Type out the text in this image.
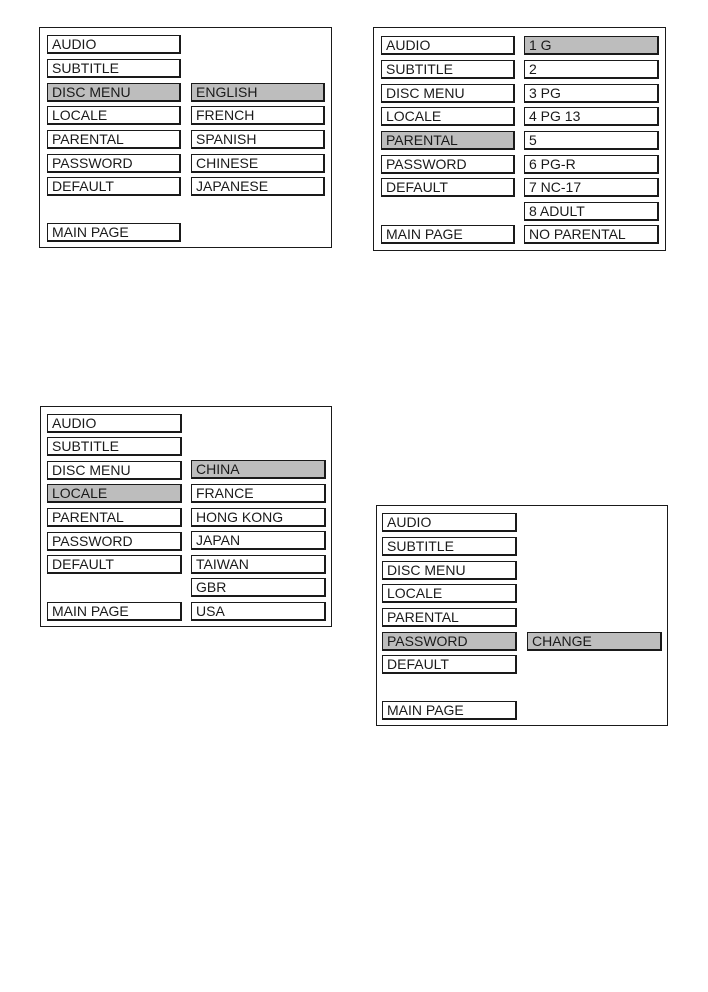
AUDIO
SUBTITLE
DISC MENU
LOCALE
PARENTAL
PASSWORD
DEFAULT
MAIN PAGE
ENGLISH
FRENCH
SPANISH
CHINESE
JAPANESE
AUDIO
SUBTITLE
DISC MENU
LOCALE
PARENTAL
PASSWORD
DEFAULT
MAIN PAGE
1 G
2
3 PG
4 PG 13
5
6 PG-R
7 NC-17
8 ADULT
NO PARENTAL
AUDIO
SUBTITLE
DISC MENU
LOCALE
PARENTAL
PASSWORD
DEFAULT
MAIN PAGE
CHINA
FRANCE
HONG KONG
JAPAN
TAIWAN
GBR
USA
AUDIO
SUBTITLE
DISC MENU
LOCALE
PARENTAL
PASSWORD
DEFAULT
MAIN PAGE
CHANGE
